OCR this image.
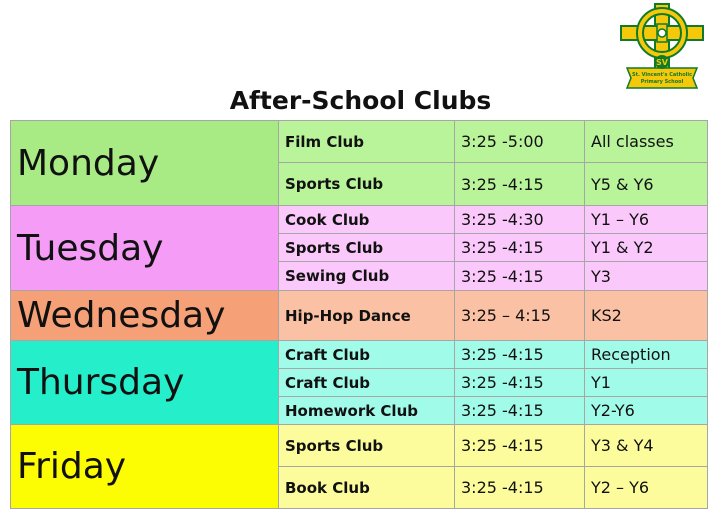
SV
St. Vincent's Catholic
Primary School
After-School Clubs
Monday	Film Club	3:25 -5:00	All classes
	Sports Club	3:25 -4:15	Y5 & Y6
Tuesday	Cook Club	3:25 -4:30	Y1 – Y6
	Sports Club	3:25 -4:15	Y1 & Y2
	Sewing Club	3:25 -4:15	Y3
Wednesday	Hip-Hop Dance	3:25 – 4:15	KS2
Thursday	Craft Club	3:25 -4:15	Reception
	Craft Club	3:25 -4:15	Y1
	Homework Club	3:25 -4:15	Y2-Y6
Friday	Sports Club	3:25 -4:15	Y3 & Y4
	Book Club	3:25 -4:15	Y2 – Y6
